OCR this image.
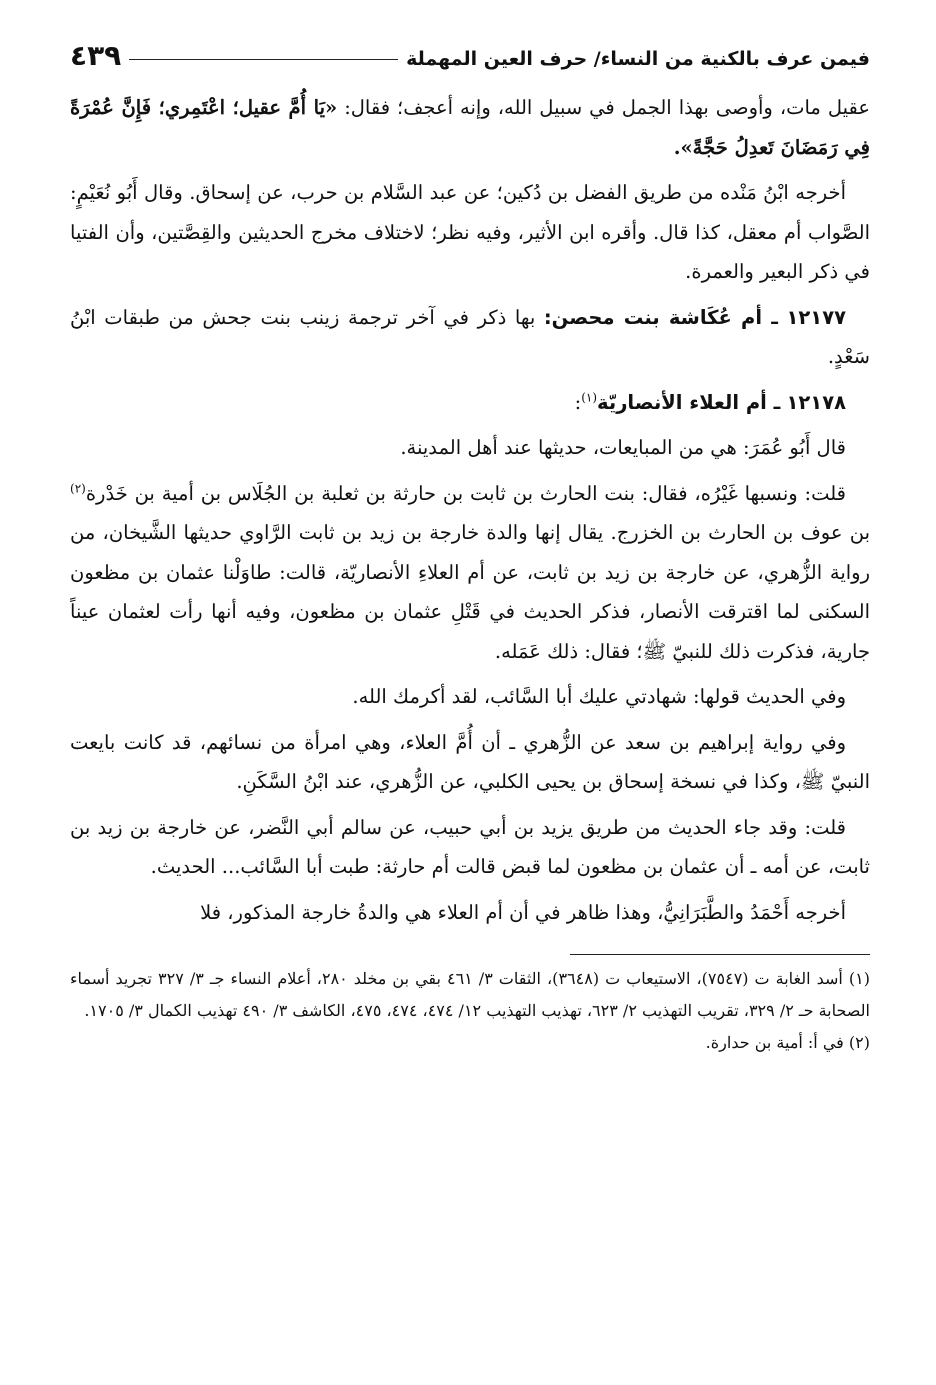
فيمن عرف بالكنية من النساء/ حرف العين المهملة
٤٣٩

عقيل مات، وأوصى بهذا الجمل في سبيل الله، وإنه أعجف؛ فقال: «يَا أُمَّ عقيل؛ اعْتَمِري؛ فَإِنَّ عُمْرَةً فِي رَمَضَانَ تَعدِلُ حَجَّةً».

أخرجه ابْنُ مَنْده من طريق الفضل بن دُكين؛ عن عبد السَّلام بن حرب، عن إسحاق. وقال أَبُو نُعَيْمٍ: الصَّواب أم معقل، كذا قال. وأقره ابن الأثير، وفيه نظر؛ لاختلاف مخرج الحديثين والقِصَّتين، وأن الفتيا في ذكر البعير والعمرة.

١٢١٧٧ ـ أم عُكَاشة بنت محصن: بها ذكر في آخر ترجمة زينب بنت جحش من طبقات ابْنُ سَعْدٍ.

١٢١٧٨ ـ أم العلاء الأنصاريّة$^{(١)}$:

قال أَبُو عُمَرَ: هي من المبايعات، حديثها عند أهل المدينة.

قلت: ونسبها غَيْرُه، فقال: بنت الحارث بن ثابت بن حارثة بن ثعلبة بن الجُلَاس بن أمية بن خَدْرة$^{(٢)}$ بن عوف بن الحارث بن الخزرج. يقال إنها والدة خارجة بن زيد بن ثابت الرَّاوي حديثها الشَّيخان، من رواية الزُّهري، عن خارجة بن زيد بن ثابت، عن أم العلاءِ الأنصاريّة، قالت: طاوَلْنا عثمان بن مظعون السكنى لما اقترقت الأنصار، فذكر الحديث في قَتْلِ عثمان بن مظعون، وفيه أنها رأت لعثمان عيناً جارية، فذكرت ذلك للنبيّ ﷺ؛ فقال: ذلك عَمَله.

وفي الحديث قولها: شهادتي عليك أبا السَّائب، لقد أكرمك الله.

وفي رواية إبراهيم بن سعد عن الزُّهري ـ أن أُمَّ العلاء، وهي امرأة من نسائهم، قد كانت بايعت النبيّ ﷺ، وكذا في نسخة إسحاق بن يحيى الكلبي، عن الزُّهري، عند ابْنُ السَّكَنِ.

قلت: وقد جاء الحديث من طريق يزيد بن أبي حبيب، عن سالم أبي النَّضر، عن خارجة بن زيد بن ثابت، عن أمه ـ أن عثمان بن مظعون لما قبض قالت أم حارثة: طبت أبا السَّائب... الحديث.

أخرجه أَحْمَدُ والطَّبَرَانِيُّ، وهذا ظاهر في أن أم العلاء هي والدةُ خارجة المذكور، فلا

(١) أسد الغابة ت (٧٥٤٧)، الاستيعاب ت (٣٦٤٨)، الثقات ٣/ ٤٦١ بقي بن مخلد ٢٨٠، أعلام النساء جـ ٣/ ٣٢٧ تجريد أسماء الصحابة حـ ٢/ ٣٢٩، تقريب التهذيب ٢/ ٦٢٣، تهذيب التهذيب ١٢/ ٤٧٤، ٤٧٤، ٤٧٥، الكاشف ٣/ ٤٩٠ تهذيب الكمال ٣/ ١٧٠٥.

(٢) في أ: أمية بن حدارة.
